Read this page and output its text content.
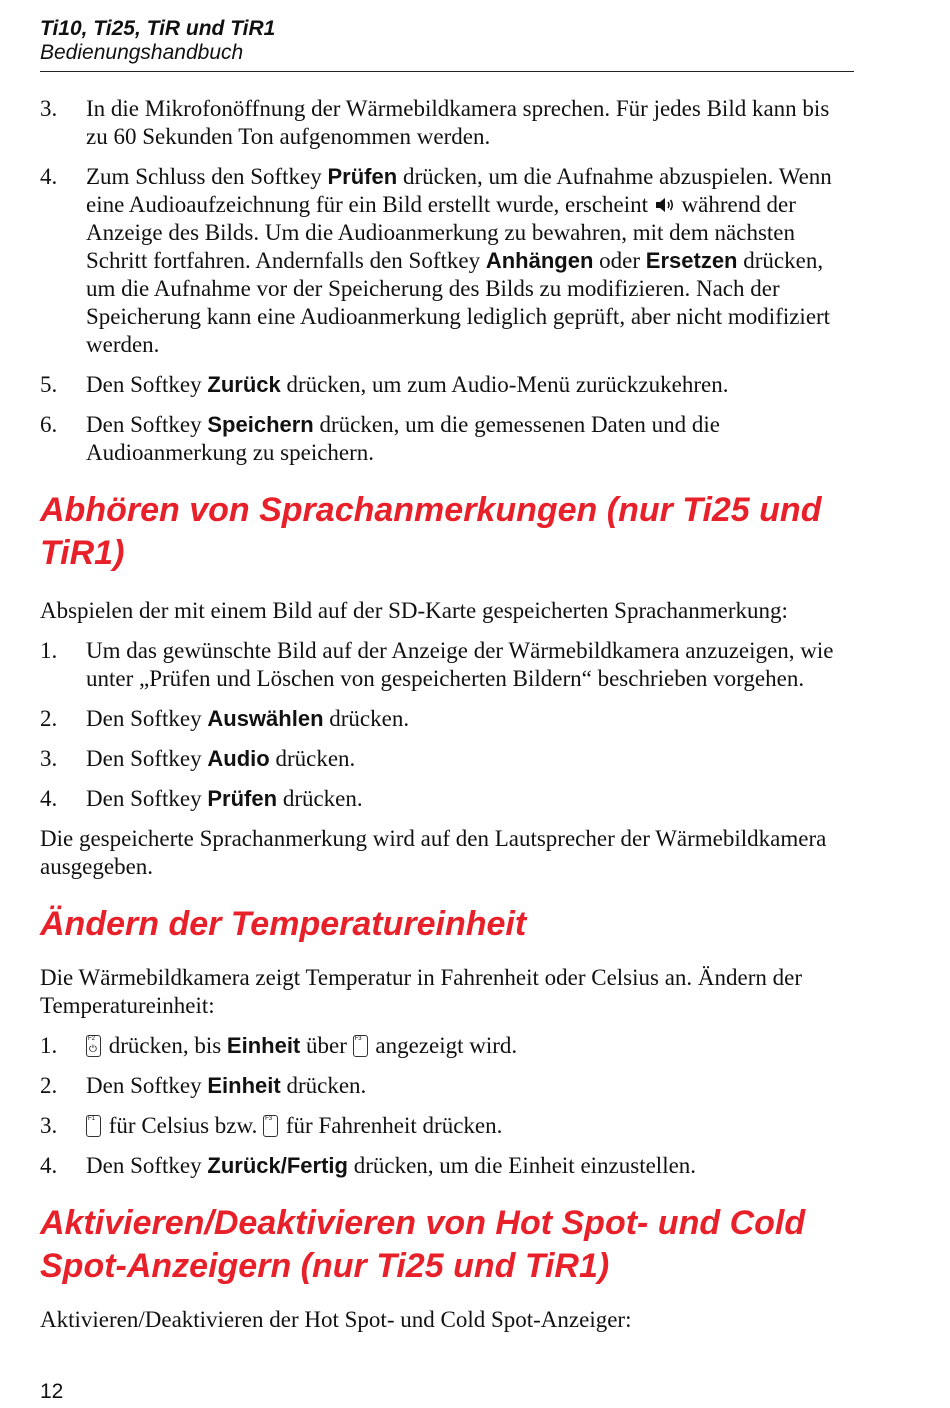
Ti10, Ti25, TiR und TiR1
Bedienungshandbuch
3. In die Mikrofonöffnung der Wärmebildkamera sprechen. Für jedes Bild kann bis zu 60 Sekunden Ton aufgenommen werden.
4. Zum Schluss den Softkey Prüfen drücken, um die Aufnahme abzuspielen. Wenn eine Audioaufzeichnung für ein Bild erstellt wurde, erscheint  während der Anzeige des Bilds. Um die Audioanmerkung zu bewahren, mit dem nächsten Schritt fortfahren. Andernfalls den Softkey Anhängen oder Ersetzen drücken, um die Aufnahme vor der Speicherung des Bilds zu modifizieren. Nach der Speicherung kann eine Audioanmerkung lediglich geprüft, aber nicht modifiziert werden.
5. Den Softkey Zurück drücken, um zum Audio-Menü zurückzukehren.
6. Den Softkey Speichern drücken, um die gemessenen Daten und die Audioanmerkung zu speichern.
Abhören von Sprachanmerkungen (nur Ti25 und TiR1)

Abspielen der mit einem Bild auf der SD-Karte gespeicherten Sprachanmerkung:

1. Um das gewünschte Bild auf der Anzeige der Wärmebildkamera anzuzeigen, wie unter „Prüfen und Löschen von gespeicherten Bildern“ beschrieben vorgehen.
2. Den Softkey Auswählen drücken.
3. Den Softkey Audio drücken.
4. Den Softkey Prüfen drücken.

Die gespeicherte Sprachanmerkung wird auf den Lautsprecher der Wärmebildkamera ausgegeben.

Ändern der Temperatureinheit

Die Wärmebildkamera zeigt Temperatur in Fahrenheit oder Celsius an. Ändern der Temperatureinheit:

1.	F2
⏻ drücken, bis Einheit über F3 angezeigt wird.
2. Den Softkey Einheit drücken.
3.	F1 für Celsius bzw. F3 für Fahrenheit drücken.
4. Den Softkey Zurück/Fertig drücken, um die Einheit einzustellen.
Aktivieren/Deaktivieren von Hot Spot- und Cold Spot-Anzeigern (nur Ti25 und TiR1)

Aktivieren/Deaktivieren der Hot Spot- und Cold Spot-Anzeiger:

12
